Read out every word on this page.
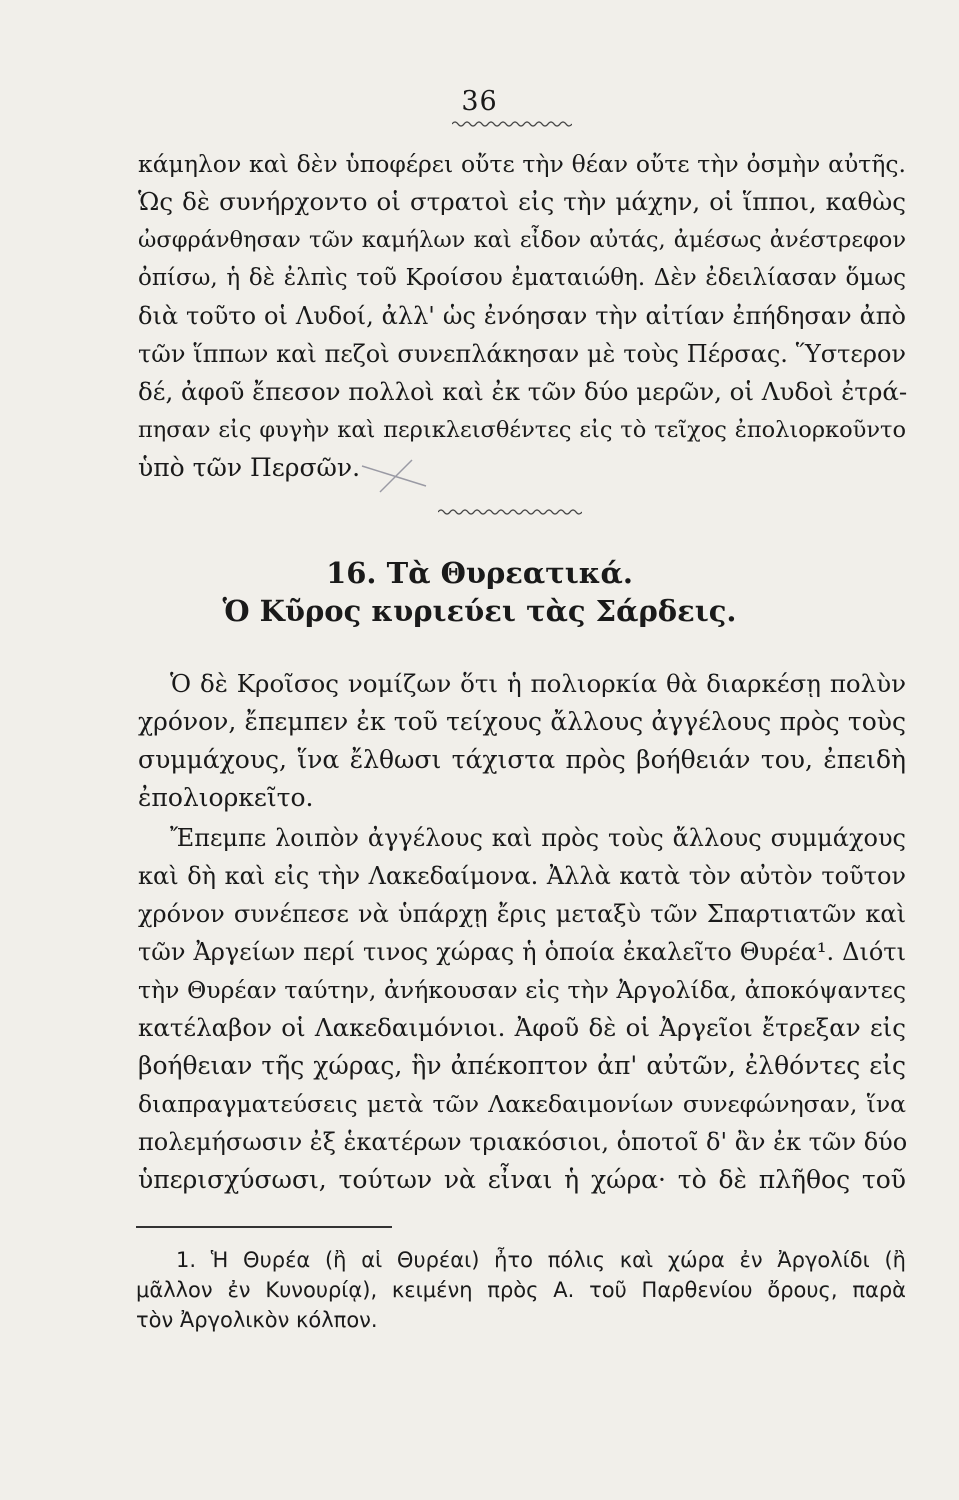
36
κάμηλον καὶ δὲν ὑποφέρει οὔτε τὴν θέαν οὔτε τὴν ὀσμὴν αὐτῆς.
Ὡς δὲ συνήρχοντο οἱ στρατοὶ εἰς τὴν μάχην, οἱ ἵπποι, καθὼς
ὠσφράνθησαν τῶν καμήλων καὶ εἶδον αὐτάς, ἀμέσως ἀνέστρεφον
ὀπίσω, ἡ δὲ ἐλπὶς τοῦ Κροίσου ἐματαιώθη. Δὲν ἐδειλίασαν ὅμως
διὰ τοῦτο οἱ Λυδοί, ἀλλ' ὡς ἐνόησαν τὴν αἰτίαν ἐπήδησαν ἀπὸ
τῶν ἵππων καὶ πεζοὶ συνεπλάκησαν μὲ τοὺς Πέρσας. Ὕστερον
δέ, ἀφοῦ ἔπεσον πολλοὶ καὶ ἐκ τῶν δύο μερῶν, οἱ Λυδοὶ ἐτρά-
πησαν εἰς φυγὴν καὶ περικλεισθέντες εἰς τὸ τεῖχος ἐπολιορκοῦντο
ὑπὸ τῶν Περσῶν.
16. Τὰ Θυρεατικά.
Ὁ Κῦρος κυριεύει τὰς Σάρδεις.
Ὁ δὲ Κροῖσος νομίζων ὅτι ἡ πολιορκία θὰ διαρκέσῃ πολὺν
χρόνον, ἔπεμπεν ἐκ τοῦ τείχους ἄλλους ἀγγέλους πρὸς τοὺς
συμμάχους, ἵνα ἔλθωσι τάχιστα πρὸς βοήθειάν του, ἐπειδὴ
ἐπολιορκεῖτο.
Ἔπεμπε λοιπὸν ἀγγέλους καὶ πρὸς τοὺς ἄλλους συμμάχους
καὶ δὴ καὶ εἰς τὴν Λακεδαίμονα. Ἀλλὰ κατὰ τὸν αὐτὸν τοῦτον
χρόνον συνέπεσε νὰ ὑπάρχῃ ἔρις μεταξὺ τῶν Σπαρτιατῶν καὶ
τῶν Ἀργείων περί τινος χώρας ἡ ὁποία ἐκαλεῖτο Θυρέα¹. Διότι
τὴν Θυρέαν ταύτην, ἀνήκουσαν εἰς τὴν Ἀργολίδα, ἀποκόψαντες
κατέλαβον οἱ Λακεδαιμόνιοι. Ἀφοῦ δὲ οἱ Ἀργεῖοι ἔτρεξαν εἰς
βοήθειαν τῆς χώρας, ἣν ἀπέκοπτον ἀπ' αὐτῶν, ἐλθόντες εἰς
διαπραγματεύσεις μετὰ τῶν Λακεδαιμονίων συνεφώνησαν, ἵνα
πολεμήσωσιν ἐξ ἑκατέρων τριακόσιοι, ὁποτοῖ δ' ἂν ἐκ τῶν δύο
ὑπερισχύσωσι, τούτων νὰ εἶναι ἡ χώρα· τὸ δὲ πλῆθος τοῦ
1. Ἡ Θυρέα (ἢ αἱ Θυρέαι) ἦτο πόλις καὶ χώρα ἐν Ἀργολίδι (ἢ
μᾶλλον ἐν Κυνουρίᾳ), κειμένη πρὸς Α. τοῦ Παρθενίου ὄρους, παρὰ
τὸν Ἀργολικὸν κόλπον.
